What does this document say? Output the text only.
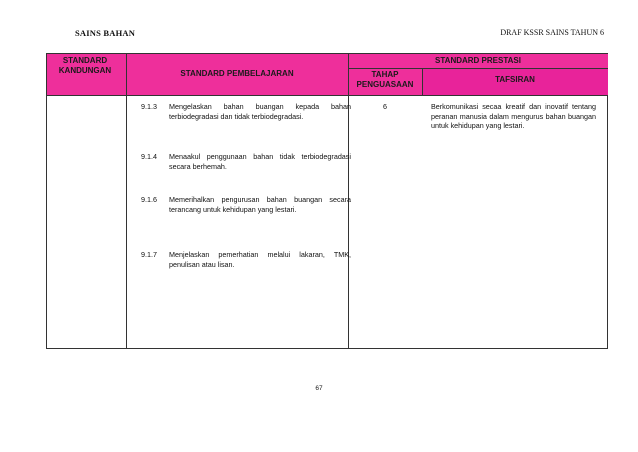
SAINS BAHAN	DRAF KSSR SAINS TAHUN 6
STANDARD KANDUNGAN	STANDARD PEMBELAJARAN
STANDARD PRESTASI
TAHAP PENGUASAAN	TAFSIRAN
9.1.3 Mengelaskan bahan buangan kepada bahan terbiodegradasi dan tidak terbiodegradasi.
9.1.4 Menaakul penggunaan bahan tidak terbiodegradasi secara berhemah.
9.1.6 Memerihalkan pengurusan bahan buangan secara terancang untuk kehidupan yang lestari.
9.1.7 Menjelaskan pemerhatian melalui lakaran, TMK, penulisan atau lisan.
6	Berkomunikasi secaa kreatif dan inovatif tentang peranan manusia dalam mengurus bahan buangan untuk kehidupan yang lestari.
67
